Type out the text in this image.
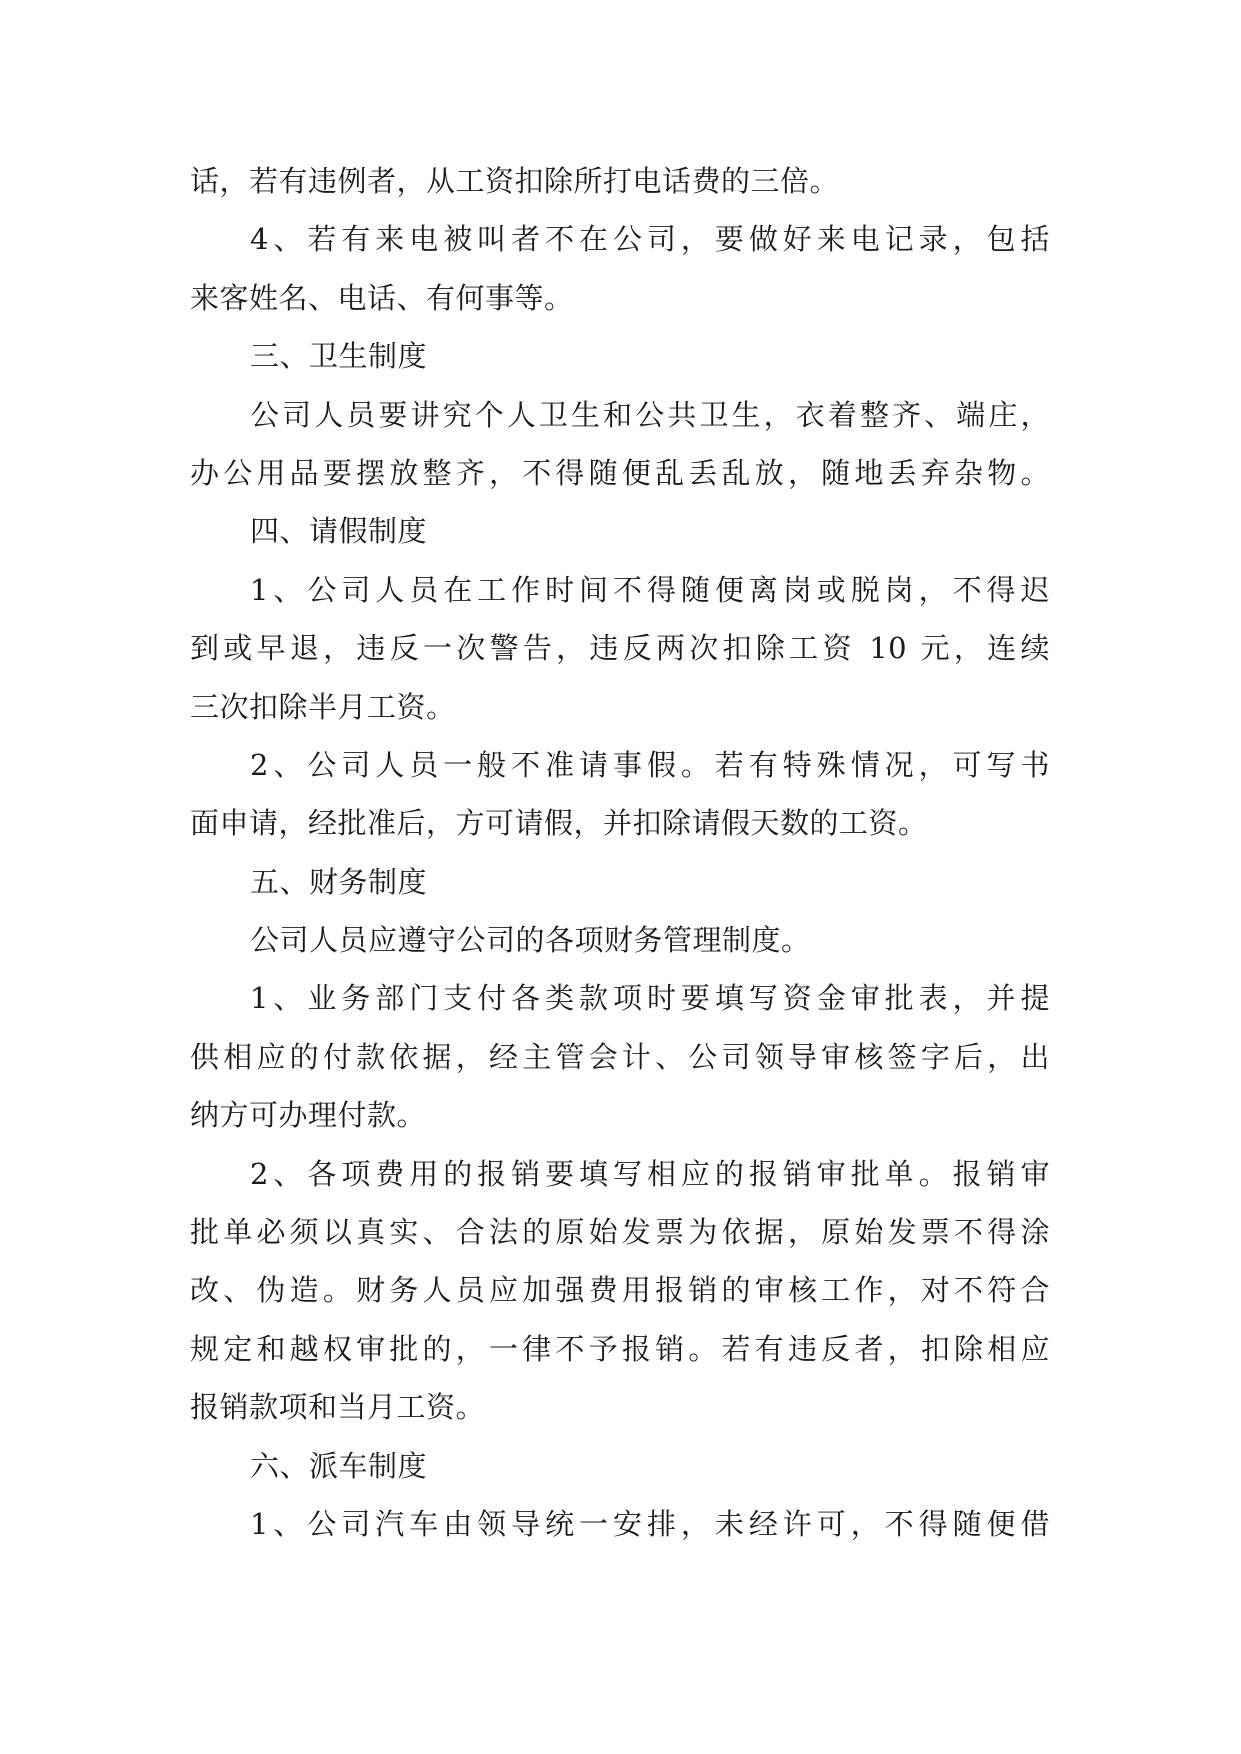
话，若有违例者，从工资扣除所打电话费的三倍。
4、若有来电被叫者不在公司，要做好来电记录，包括
来客姓名、电话、有何事等。
三、卫生制度
公司人员要讲究个人卫生和公共卫生，衣着整齐、端庄，
办公用品要摆放整齐，不得随便乱丢乱放，随地丢弃杂物。
四、请假制度
1、公司人员在工作时间不得随便离岗或脱岗，不得迟
到或早退，违反一次警告，违反两次扣除工资 10 元，连续
三次扣除半月工资。
2、公司人员一般不准请事假。若有特殊情况，可写书
面申请，经批准后，方可请假，并扣除请假天数的工资。
五、财务制度
公司人员应遵守公司的各项财务管理制度。
1、业务部门支付各类款项时要填写资金审批表，并提
供相应的付款依据，经主管会计、公司领导审核签字后，出
纳方可办理付款。
2、各项费用的报销要填写相应的报销审批单。报销审
批单必须以真实、合法的原始发票为依据，原始发票不得涂
改、伪造。财务人员应加强费用报销的审核工作，对不符合
规定和越权审批的，一律不予报销。若有违反者，扣除相应
报销款项和当月工资。
六、派车制度
1、公司汽车由领导统一安排，未经许可，不得随便借
